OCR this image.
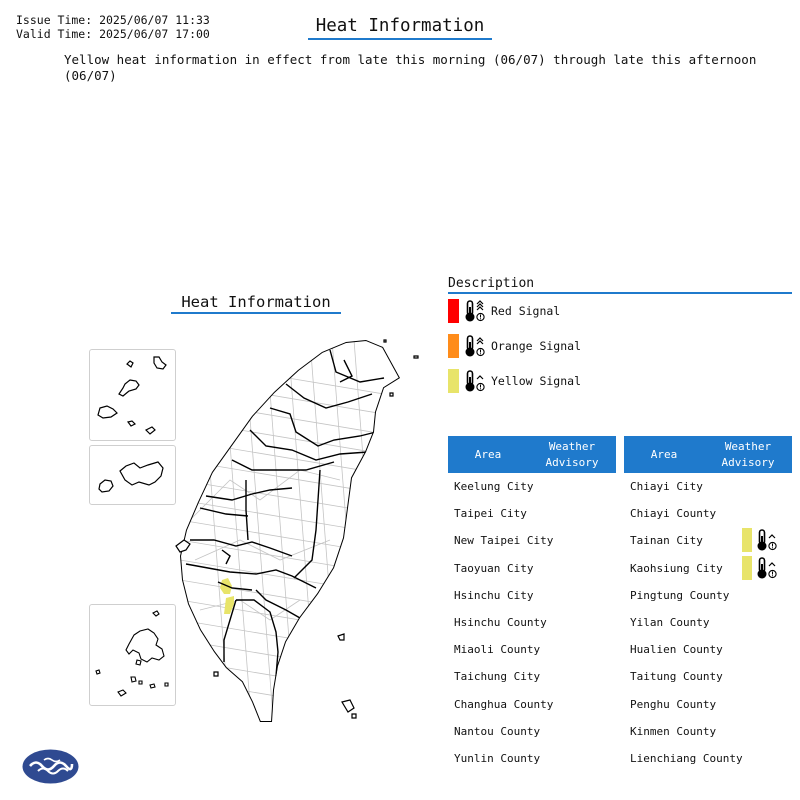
Issue Time: 2025/06/07 11:33
Valid Time: 2025/06/07 17:00	Heat Information
Yellow heat information in effect from late this morning (06/07) through late this afternoon (06/07)
Heat Information
Description
Red Signal
Orange Signal
Yellow Signal
Area
Weather
Advisory
Keelung City
Taipei City
New Taipei City
Taoyuan City
Hsinchu City
Hsinchu County
Miaoli County
Taichung City
Changhua County
Nantou County
Yunlin County
Area
Weather
Advisory
Chiayi City
Chiayi County
Tainan City
Kaohsiung City
Pingtung County
Yilan County
Hualien County
Taitung County
Penghu County
Kinmen County
Lienchiang County
